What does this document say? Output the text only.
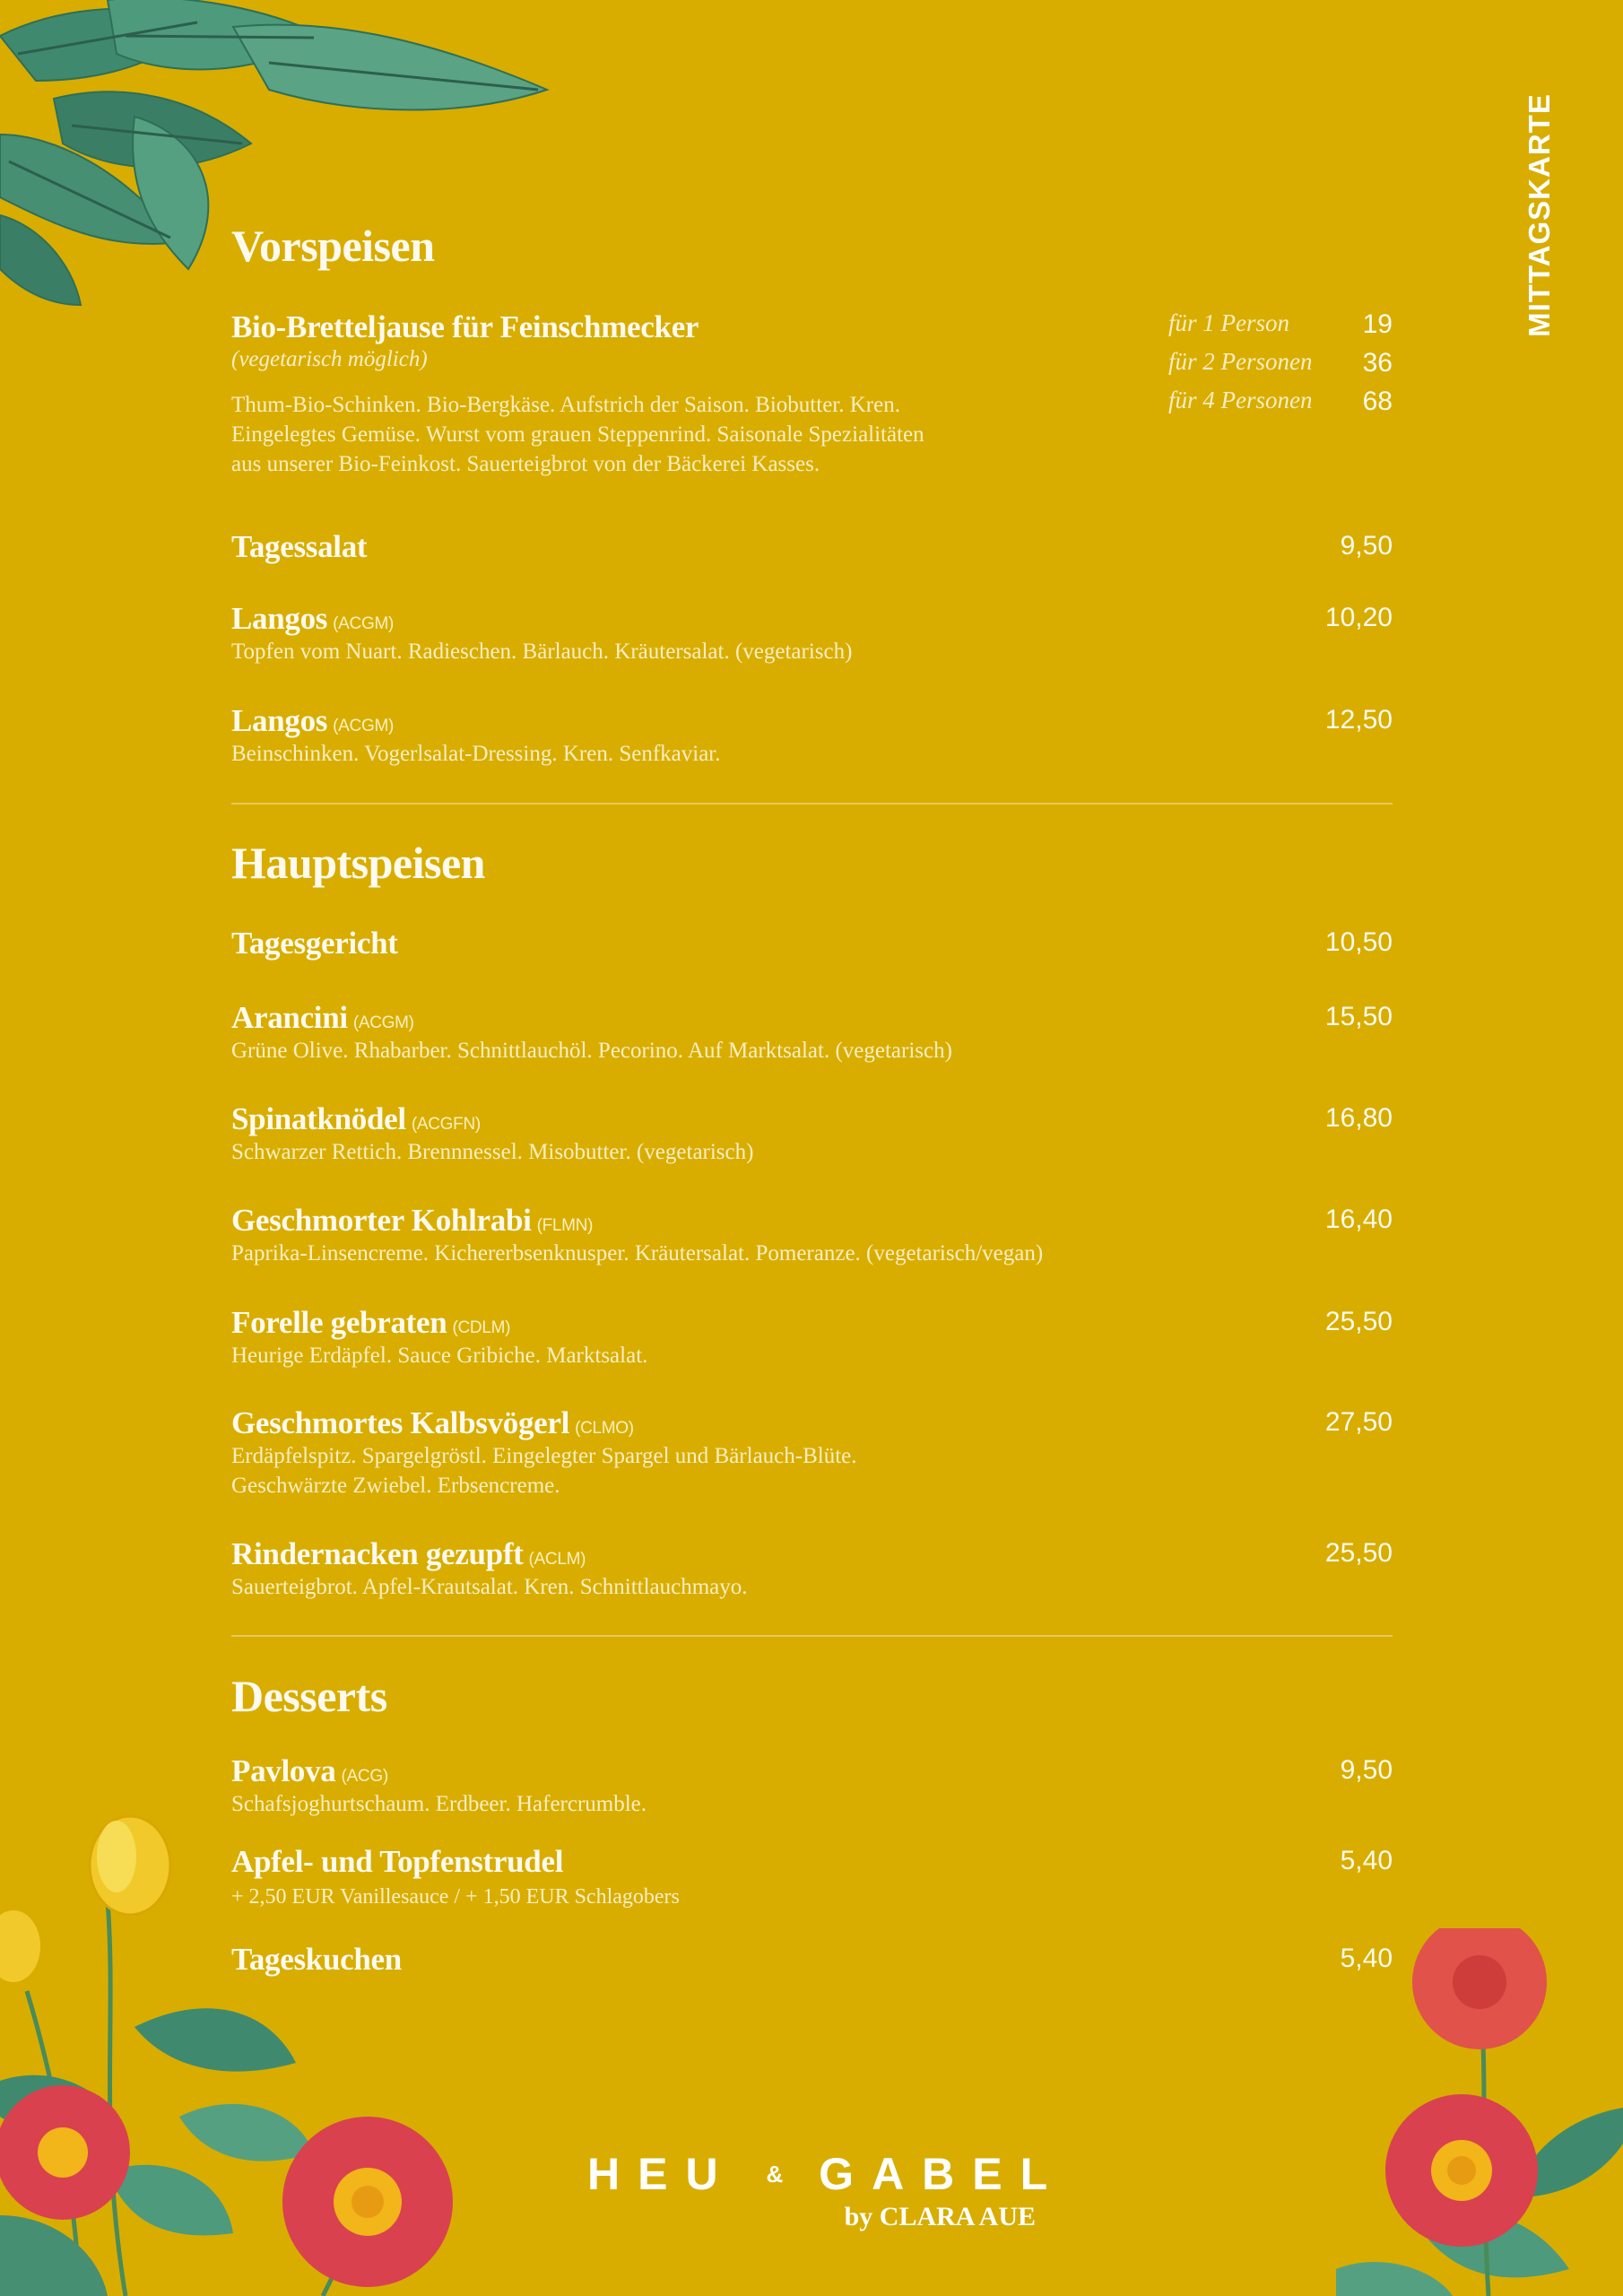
MITTAGSKARTE
Vorspeisen
Bio-Bretteljause für Feinschmecker
(vegetarisch möglich)
Thum-Bio-Schinken. Bio-Bergkäse. Aufstrich der Saison. Biobutter. Kren.
Eingelegtes Gemüse. Wurst vom grauen Steppenrind. Saisonale Spezialitäten
aus unserer Bio-Feinkost. Sauerteigbrot von der Bäckerei Kasses.
für 1 Person	19
für 2 Personen 36
für 4 Personen 68
Tagessalat	9,50
Langos (ACGM)
Topfen vom Nuart. Radieschen. Bärlauch. Kräutersalat. (vegetarisch)
10,20
Langos (ACGM)
Beinschinken. Vogerlsalat-Dressing. Kren. Senfkaviar.
12,50
Hauptspeisen
Tagesgericht	10,50
Arancini (ACGM)
Grüne Olive. Rhabarber. Schnittlauchöl. Pecorino. Auf Marktsalat. (vegetarisch)
15,50
Spinatknödel (ACGFN)
Schwarzer Rettich. Brennnessel. Misobutter. (vegetarisch)
16,80
Geschmorter Kohlrabi (FLMN)
Paprika-Linsencreme. Kichererbsenknusper. Kräutersalat. Pomeranze. (vegetarisch/vegan)
16,40
Forelle gebraten (CDLM)
Heurige Erdäpfel. Sauce Gribiche. Marktsalat.
25,50
Geschmortes Kalbsvögerl (CLMO)
Erdäpfelspitz. Spargelgröstl. Eingelegter Spargel und Bärlauch-Blüte.
Geschwärzte Zwiebel. Erbsencreme.
27,50
Rindernacken gezupft (ACLM)
Sauerteigbrot. Apfel-Krautsalat. Kren. Schnittlauchmayo.
25,50
Desserts
Pavlova (ACG)
Schafsjoghurtschaum. Erdbeer. Hafercrumble.
9,50
Apfel- und Topfenstrudel
+ 2,50 EUR Vanillesauce / + 1,50 EUR Schlagobers
5,40
Tageskuchen	5,40
HEU & GABEL
by CLARA AUE
